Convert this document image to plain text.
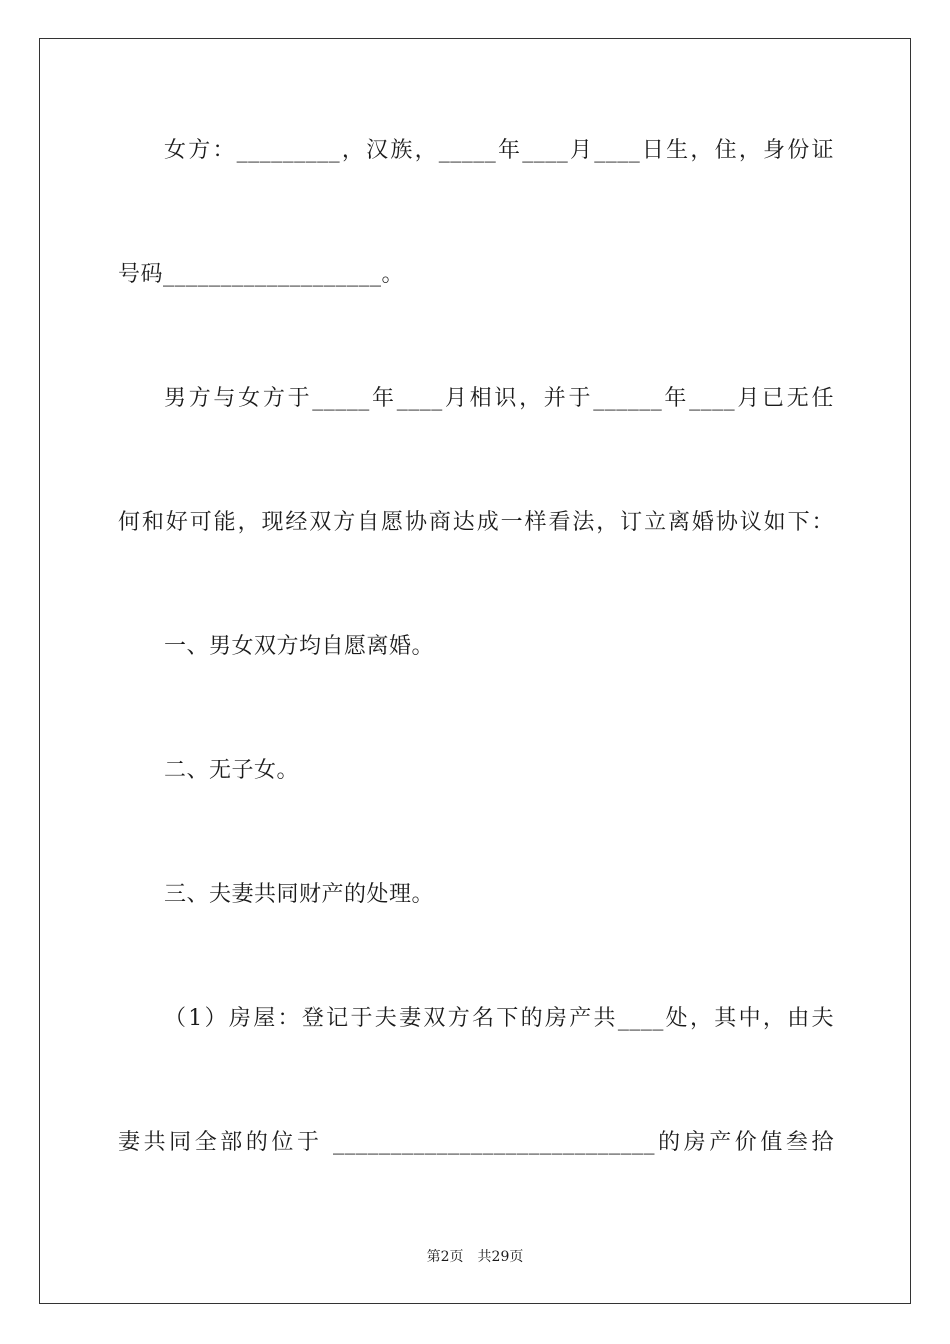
女方：_________，汉族，_____年____月____日生，住，身份证
号码___________________。
男方与女方于_____年____月相识，并于______年____月已无任
何和好可能，现经双方自愿协商达成一样看法，订立离婚协议如下：
一、男女双方均自愿离婚。
二、无子女。
三、夫妻共同财产的处理。
（1）房屋：登记于夫妻双方名下的房产共____处，其中，由夫
妻共同全部的位于 ____________________________的房产价值叁拾
第2页　共29页
